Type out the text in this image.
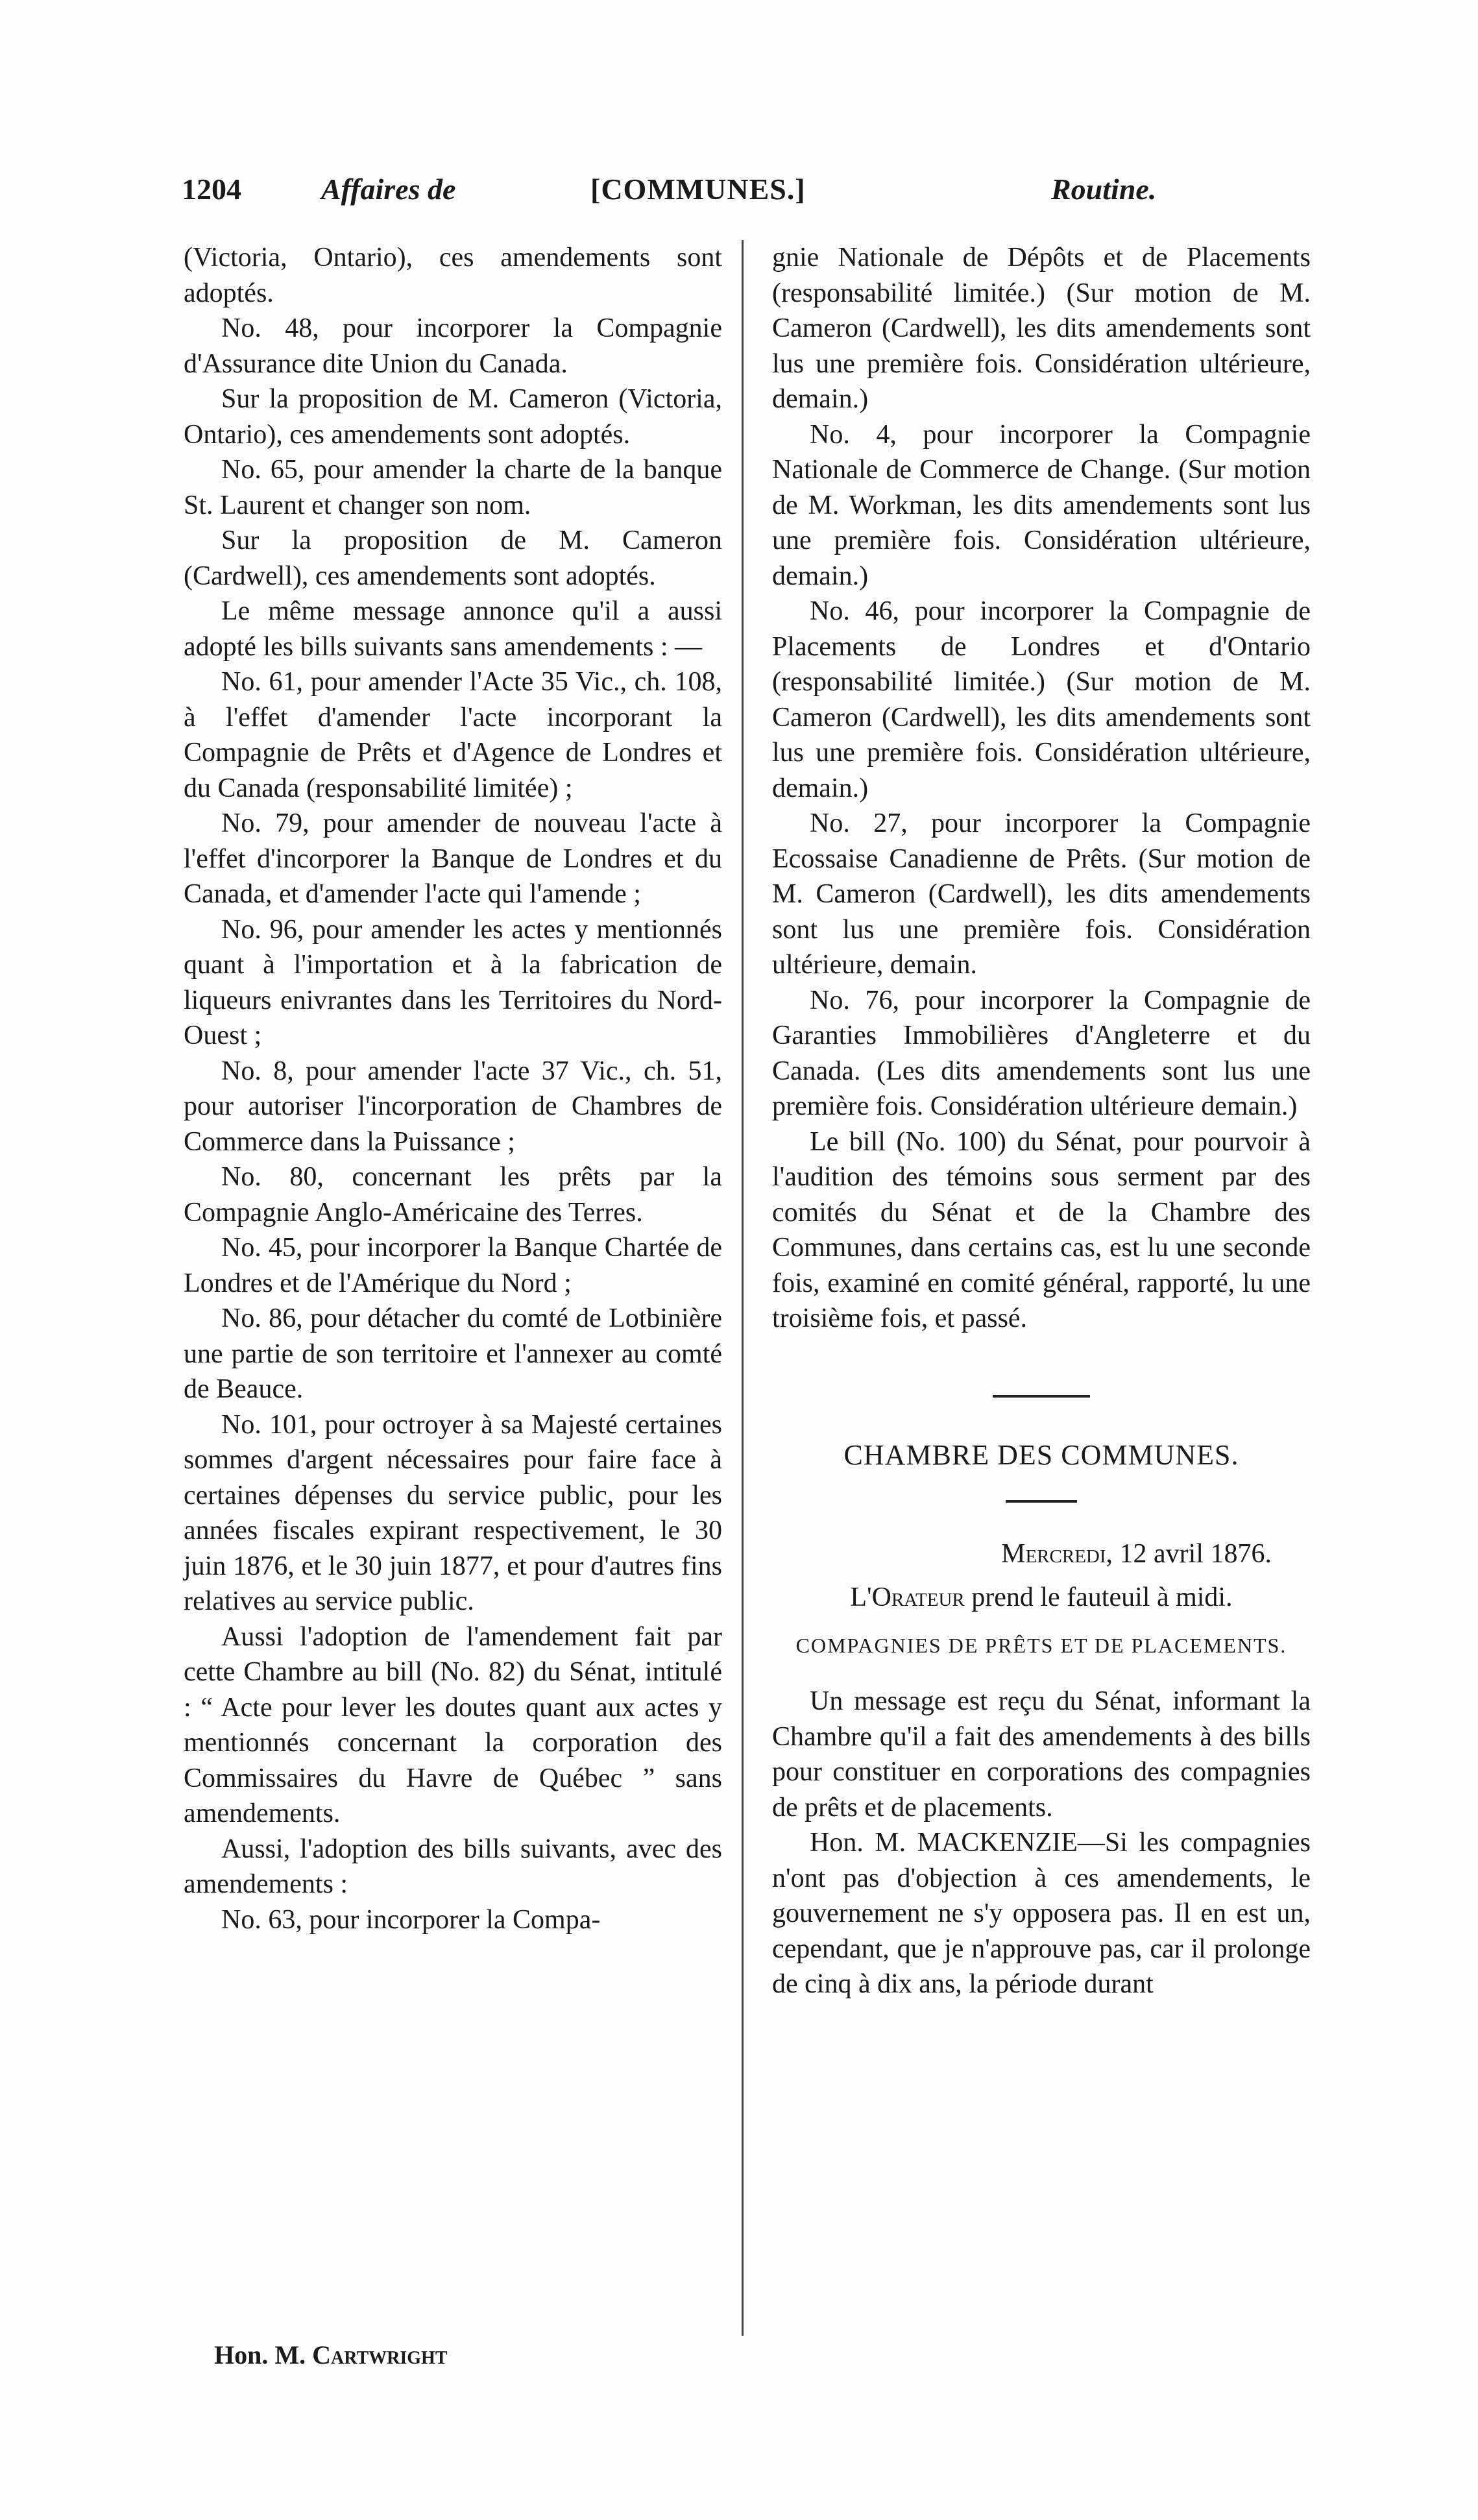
1204	Affaires de	[COMMUNES.]	Routine.

(Victoria, Ontario), ces amendements sont adoptés.

No. 48, pour incorporer la Compagnie d'Assurance dite Union du Canada.

Sur la proposition de M. Cameron (Victoria, Ontario), ces amendements sont adoptés.

No. 65, pour amender la charte de la banque St. Laurent et changer son nom.

Sur la proposition de M. Cameron (Cardwell), ces amendements sont adoptés.

Le même message annonce qu'il a aussi adopté les bills suivants sans amendements : —

No. 61, pour amender l'Acte 35 Vic., ch. 108, à l'effet d'amender l'acte incorporant la Compagnie de Prêts et d'Agence de Londres et du Canada (responsabilité limitée) ;

No. 79, pour amender de nouveau l'acte à l'effet d'incorporer la Banque de Londres et du Canada, et d'amender l'acte qui l'amende ;

No. 96, pour amender les actes y mentionnés quant à l'importation et à la fabrication de liqueurs enivrantes dans les Territoires du Nord-Ouest ;

No. 8, pour amender l'acte 37 Vic., ch. 51, pour autoriser l'incorporation de Chambres de Commerce dans la Puissance ;

No. 80, concernant les prêts par la Compagnie Anglo-Américaine des Terres.

No. 45, pour incorporer la Banque Chartée de Londres et de l'Amérique du Nord ;

No. 86, pour détacher du comté de Lotbinière une partie de son territoire et l'annexer au comté de Beauce.

No. 101, pour octroyer à sa Majesté certaines sommes d'argent nécessaires pour faire face à certaines dépenses du service public, pour les années fiscales expirant respectivement, le 30 juin 1876, et le 30 juin 1877, et pour d'autres fins relatives au service public.

Aussi l'adoption de l'amendement fait par cette Chambre au bill (No. 82) du Sénat, intitulé : “ Acte pour lever les doutes quant aux actes y mentionnés concernant la corporation des Commissaires du Havre de Québec ” sans amendements.

Aussi, l'adoption des bills suivants, avec des amendements :

No. 63, pour incorporer la Compa-

gnie Nationale de Dépôts et de Placements (responsabilité limitée.) (Sur motion de M. Cameron (Cardwell), les dits amendements sont lus une première fois. Considération ultérieure, demain.)

No. 4, pour incorporer la Compagnie Nationale de Commerce de Change. (Sur motion de M. Workman, les dits amendements sont lus une première fois. Considération ultérieure, demain.)

No. 46, pour incorporer la Compagnie de Placements de Londres et d'Ontario (responsabilité limitée.) (Sur motion de M. Cameron (Cardwell), les dits amendements sont lus une première fois. Considération ultérieure, demain.)

No. 27, pour incorporer la Compagnie Ecossaise Canadienne de Prêts. (Sur motion de M. Cameron (Cardwell), les dits amendements sont lus une première fois. Considération ultérieure, demain.

No. 76, pour incorporer la Compagnie de Garanties Immobilières d'Angleterre et du Canada. (Les dits amendements sont lus une première fois. Considération ultérieure demain.)

Le bill (No. 100) du Sénat, pour pourvoir à l'audition des témoins sous serment par des comités du Sénat et de la Chambre des Communes, dans certains cas, est lu une seconde fois, examiné en comité général, rapporté, lu une troisième fois, et passé.

CHAMBRE DES COMMUNES.

Mercredi, 12 avril 1876.

L'Orateur prend le fauteuil à midi.

COMPAGNIES DE PRÊTS ET DE PLACEMENTS.

Un message est reçu du Sénat, informant la Chambre qu'il a fait des amendements à des bills pour constituer en corporations des compagnies de prêts et de placements.

Hon. M. MACKENZIE—Si les compagnies n'ont pas d'objection à ces amendements, le gouvernement ne s'y opposera pas. Il en est un, cependant, que je n'approuve pas, car il prolonge de cinq à dix ans, la période durant

Hon. M. Cartwright
